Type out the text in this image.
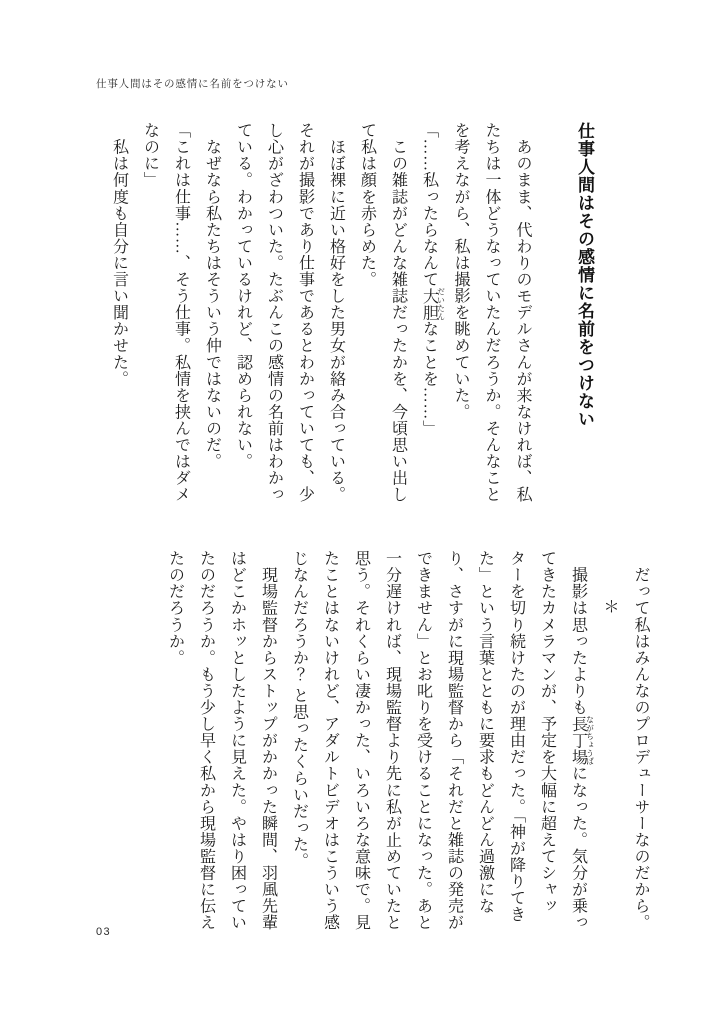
仕事人間はその感情に名前をつけない
仕事人間はその感情に名前をつけない

　あのまま、代わりのモデルさんが来なければ、私たちは一体どうなっていたんだろうか。そんなことを考えながら、私は撮影を眺めていた。

「……私ったらなんて大胆 だいたんなことを……」

　この雑誌がどんな雑誌だったかを、今頃思い出して私は顔を赤らめた。

　ほぼ裸に近い格好をした男女が絡み合っている。それが撮影であり仕事であるとわかっていても、少し心がざわついた。たぶんこの感情の名前はわかっている。わかっているけれど、認められない。

　なぜなら私たちはそういう仲ではないのだ。

「これは仕事……、そう仕事。私情を挟んではダメなのに」

　私は何度も自分に言い聞かせた。

　だって私はみんなのプロデューサーなのだから。

＊

　撮影は思ったよりも長丁場 ながちょうばになった。気分が乗ってきたカメラマンが、予定を大幅に超えてシャッターを切り続けたのが理由だった。「神が降りてきた」という言葉とともに要求もどんどん過激になり、さすがに現場監督から「それだと雑誌の発売ができません」とお叱りを受けることになった。あと一分遅ければ、現場監督より先に私が止めていたと思う。それくらい凄かった、いろいろな意味で。見たことはないけれど、アダルトビデオはこういう感じなんだろうか？ と思ったくらいだった。

　現場監督からストップがかかった瞬間、羽風先輩はどこかホッとしたように見えた。やはり困っていたのだろうか。もう少し早く私から現場監督に伝えたのだろうか。

03
